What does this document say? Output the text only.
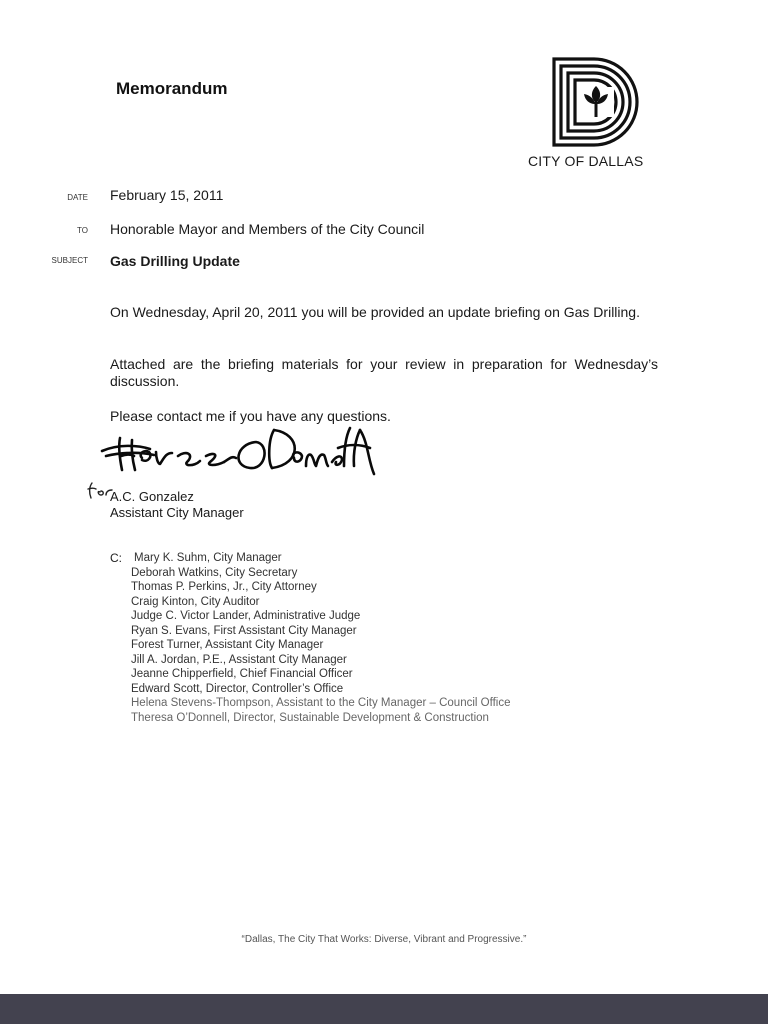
Memorandum
CITY OF DALLAS
DATE February 15, 2011
TO Honorable Mayor and Members of the City Council
SUBJECT Gas Drilling Update

On Wednesday, April 20, 2011 you will be provided an update briefing on Gas Drilling.

Attached are the briefing materials for your review in preparation for Wednesday’s discussion.

Please contact me if you have any questions.

A.C. Gonzalez
Assistant City Manager
C: Mary K. Suhm, City Manager
Deborah Watkins, City Secretary
Thomas P. Perkins, Jr., City Attorney
Craig Kinton, City Auditor
Judge C. Victor Lander, Administrative Judge
Ryan S. Evans, First Assistant City Manager
Forest Turner, Assistant City Manager
Jill A. Jordan, P.E., Assistant City Manager
Jeanne Chipperfield, Chief Financial Officer
Edward Scott, Director, Controller’s Office
Helena Stevens-Thompson, Assistant to the City Manager – Council Office
Theresa O’Donnell, Director, Sustainable Development & Construction
“Dallas, The City That Works: Diverse, Vibrant and Progressive.”
